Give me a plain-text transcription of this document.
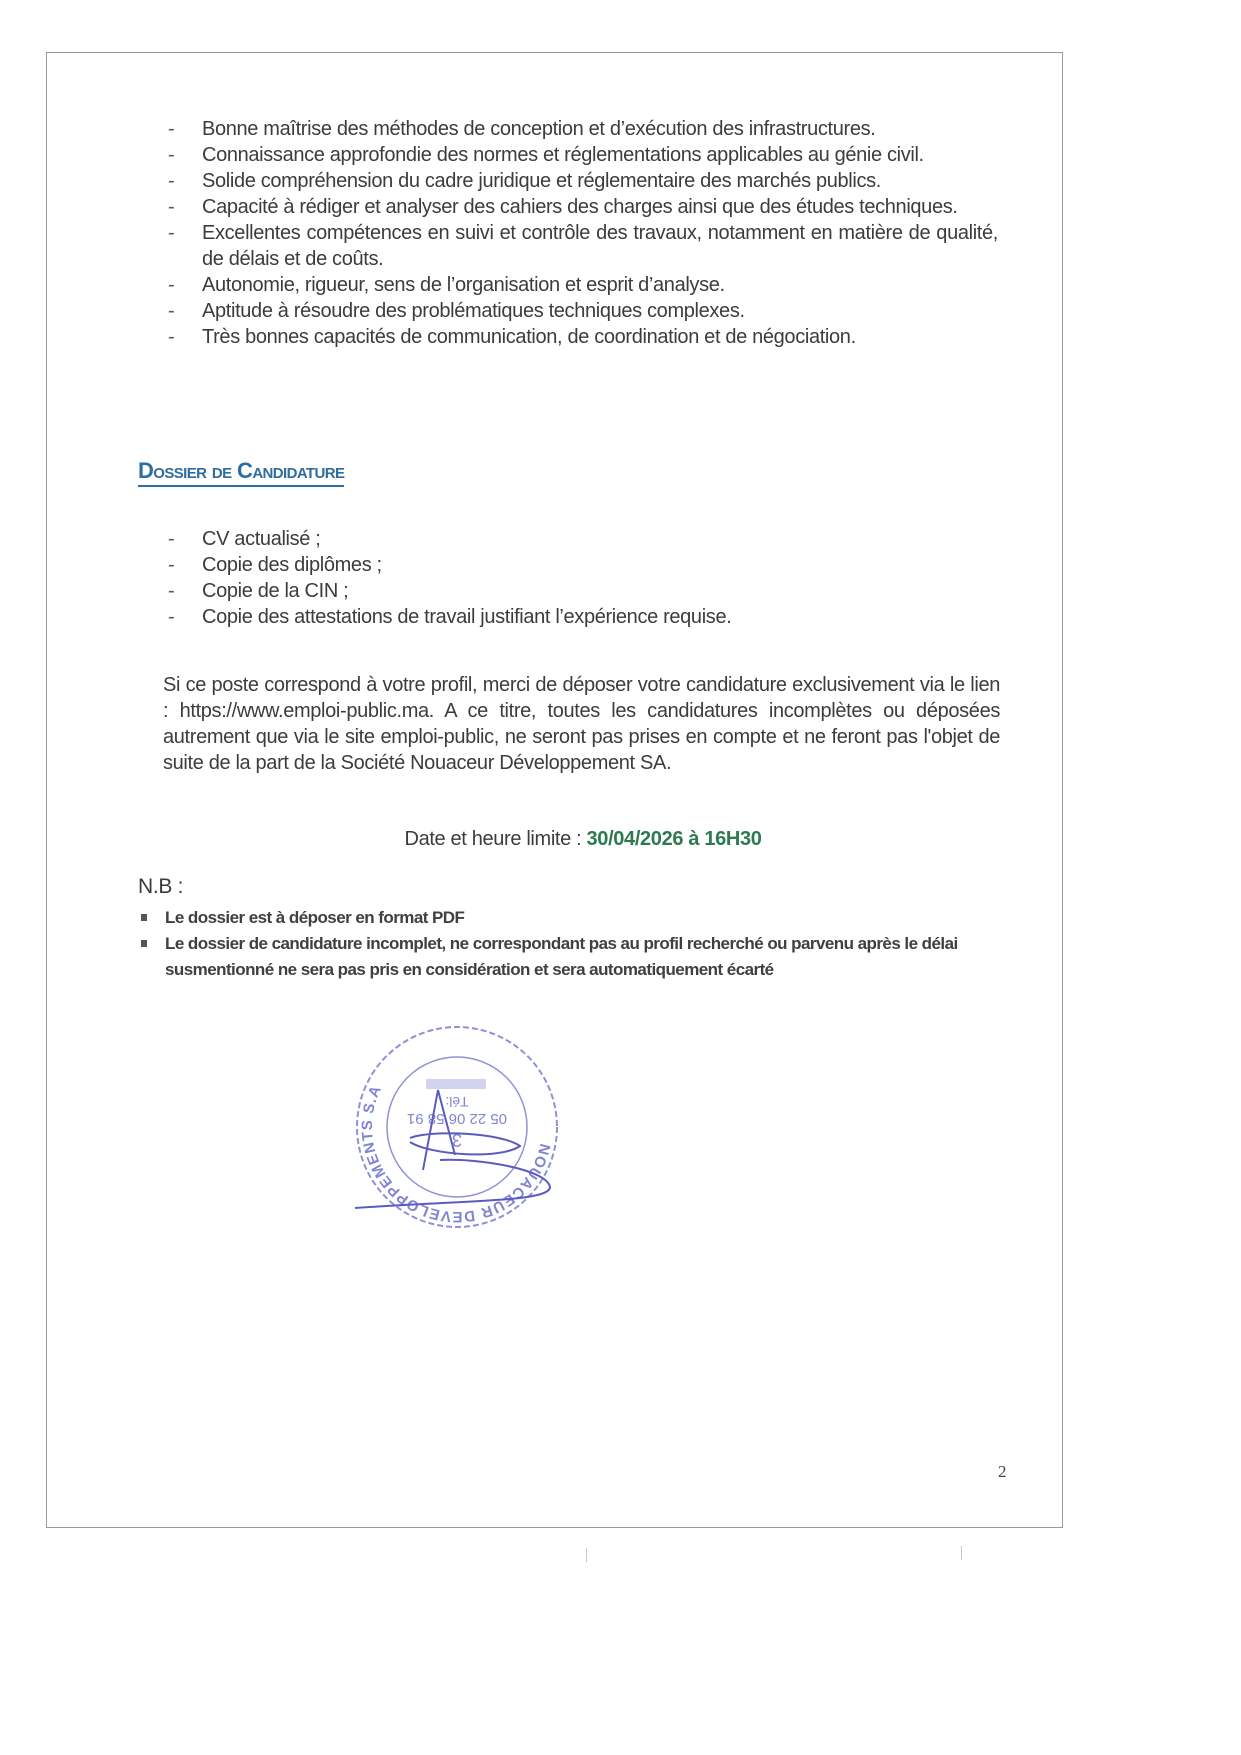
- Bonne maîtrise des méthodes de conception et d’exécution des infrastructures.
- Connaissance approfondie des normes et réglementations applicables au génie civil.
- Solide compréhension du cadre juridique et réglementaire des marchés publics.
- Capacité à rédiger et analyser des cahiers des charges ainsi que des études techniques.
- Excellentes compétences en suivi et contrôle des travaux, notamment en matière de qualité, de délais et de coûts.
- Autonomie, rigueur, sens de l’organisation et esprit d’analyse.
- Aptitude à résoudre des problématiques techniques complexes.
- Très bonnes capacités de communication, de coordination et de négociation.
Dossier de Candidature
- CV actualisé ;
- Copie des diplômes ;
- Copie de la CIN ;
- Copie des attestations de travail justifiant l’expérience requise.

Si ce poste correspond à votre profil, merci de déposer votre candidature exclusivement via le lien : https://www.emploi-public.ma. A ce titre, toutes les candidatures incomplètes ou déposées autrement que via le site emploi-public, ne seront pas prises en compte et ne feront pas l'objet de suite de la part de la Société Nouaceur Développement SA.

Date et heure limite : 30/04/2026 à 16H30
N.B :
Le dossier est à déposer en format PDF
Le dossier de candidature incomplet, ne correspondant pas au profil recherché ou parvenu après le délai susmentionné ne sera pas pris en considération et sera automatiquement écarté
NOUACEUR DEVELOPPEMENTS S.A
3
05 22 06 58 91
Tél:
2
